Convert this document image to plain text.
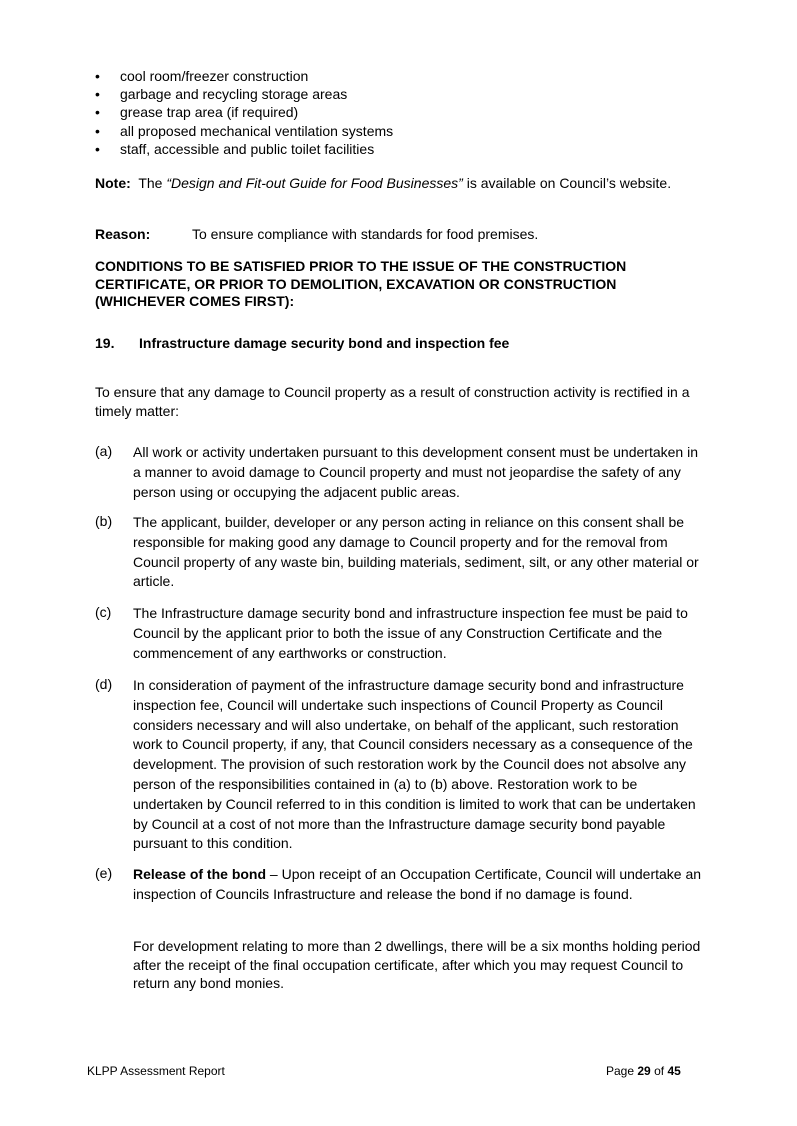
• cool room/freezer construction
• garbage and recycling storage areas
• grease trap area (if required)
• all proposed mechanical ventilation systems
• staff, accessible and public toilet facilities
Note: The “Design and Fit-out Guide for Food Businesses” is available on Council’s website.
Reason:	To ensure compliance with standards for food premises.
CONDITIONS TO BE SATISFIED PRIOR TO THE ISSUE OF THE CONSTRUCTION CERTIFICATE, OR PRIOR TO DEMOLITION, EXCAVATION OR CONSTRUCTION (WHICHEVER COMES FIRST):
19. Infrastructure damage security bond and inspection fee
To ensure that any damage to Council property as a result of construction activity is rectified in a timely matter:
(a) All work or activity undertaken pursuant to this development consent must be undertaken in a manner to avoid damage to Council property and must not jeopardise the safety of any person using or occupying the adjacent public areas.
(b) The applicant, builder, developer or any person acting in reliance on this consent shall be responsible for making good any damage to Council property and for the removal from Council property of any waste bin, building materials, sediment, silt, or any other material or article.
(c) The Infrastructure damage security bond and infrastructure inspection fee must be paid to Council by the applicant prior to both the issue of any Construction Certificate and the commencement of any earthworks or construction.
(d) In consideration of payment of the infrastructure damage security bond and infrastructure inspection fee, Council will undertake such inspections of Council Property as Council considers necessary and will also undertake, on behalf of the applicant, such restoration work to Council property, if any, that Council considers necessary as a consequence of the development. The provision of such restoration work by the Council does not absolve any person of the responsibilities contained in (a) to (b) above. Restoration work to be undertaken by Council referred to in this condition is limited to work that can be undertaken by Council at a cost of not more than the Infrastructure damage security bond payable pursuant to this condition.
(e) Release of the bond – Upon receipt of an Occupation Certificate, Council will undertake an inspection of Councils Infrastructure and release the bond if no damage is found.
For development relating to more than 2 dwellings, there will be a six months holding period after the receipt of the final occupation certificate, after which you may request Council to return any bond monies.
KLPP Assessment Report	Page 29 of 45
